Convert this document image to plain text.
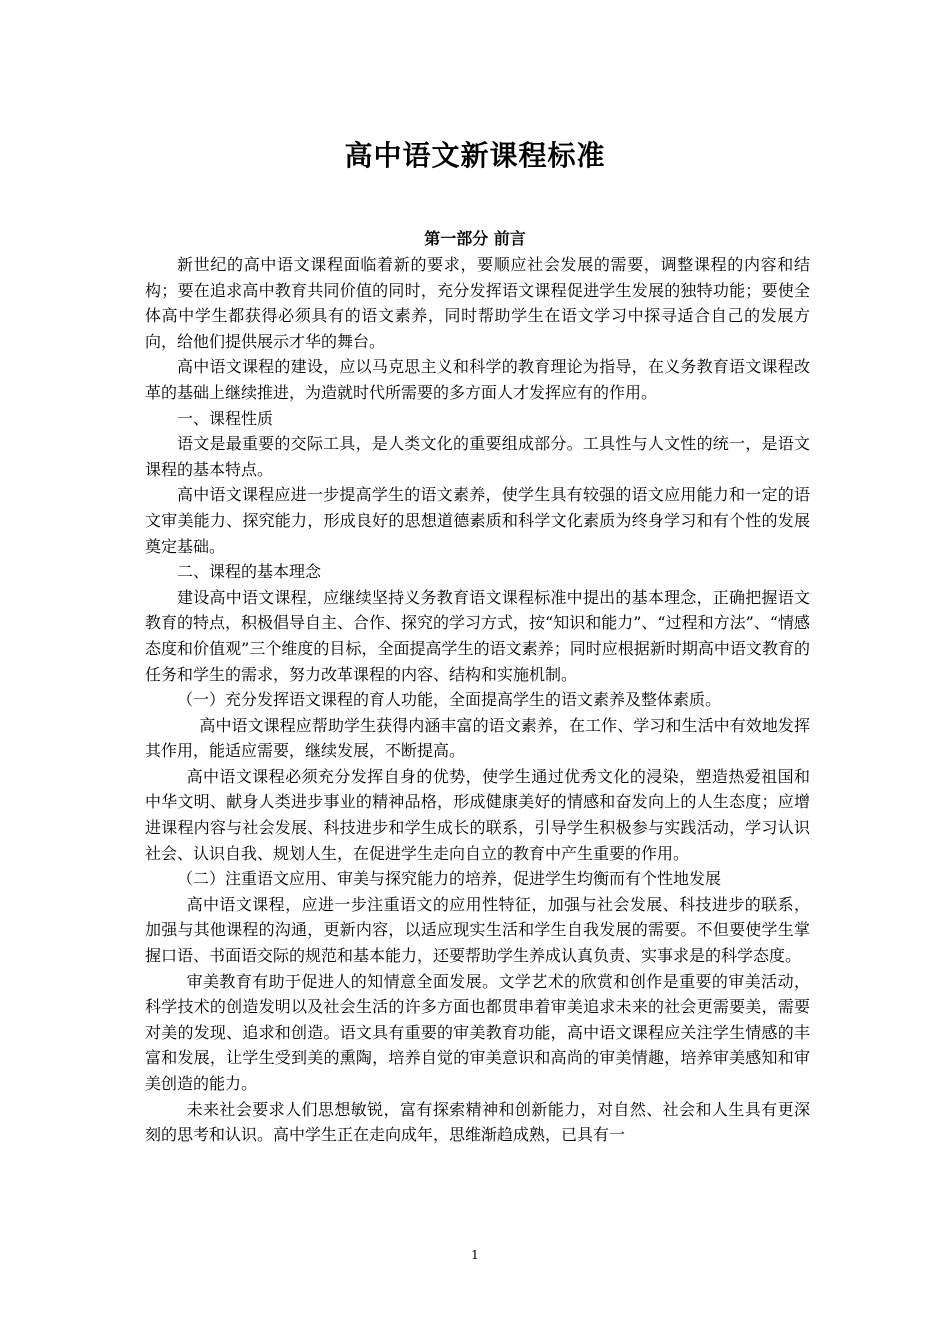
高中语文新课程标准
第一部分 前言

新世纪的高中语文课程面临着新的要求，要顺应社会发展的需要，调整课程的内容和结构；要在追求高中教育共同价值的同时，充分发挥语文课程促进学生发展的独特功能；要使全体高中学生都获得必须具有的语文素养，同时帮助学生在语文学习中探寻适合自己的发展方向，给他们提供展示才华的舞台。

高中语文课程的建设，应以马克思主义和科学的教育理论为指导，在义务教育语文课程改革的基础上继续推进，为造就时代所需要的多方面人才发挥应有的作用。

一、课程性质

语文是最重要的交际工具，是人类文化的重要组成部分。工具性与人文性的统一，是语文课程的基本特点。

高中语文课程应进一步提高学生的语文素养，使学生具有较强的语文应用能力和一定的语文审美能力、探究能力，形成良好的思想道德素质和科学文化素质为终身学习和有个性的发展奠定基础。

二、课程的基本理念

建设高中语文课程，应继续坚持义务教育语文课程标准中提出的基本理念，正确把握语文教育的特点，积极倡导自主、合作、探究的学习方式，按“知识和能力”、“过程和方法”、“情感态度和价值观”三个维度的目标，全面提高学生的语文素养；同时应根据新时期高中语文教育的任务和学生的需求，努力改革课程的内容、结构和实施机制。

（一）充分发挥语文课程的育人功能，全面提高学生的语文素养及整体素质。

高中语文课程应帮助学生获得内涵丰富的语文素养，在工作、学习和生活中有效地发挥其作用，能适应需要，继续发展，不断提高。

高中语文课程必须充分发挥自身的优势，使学生通过优秀文化的浸染，塑造热爱祖国和中华文明、献身人类进步事业的精神品格，形成健康美好的情感和奋发向上的人生态度；应增进课程内容与社会发展、科技进步和学生成长的联系，引导学生积极参与实践活动，学习认识社会、认识自我、规划人生，在促进学生走向自立的教育中产生重要的作用。

（二）注重语文应用、审美与探究能力的培养，促进学生均衡而有个性地发展

高中语文课程，应进一步注重语文的应用性特征，加强与社会发展、科技进步的联系，加强与其他课程的沟通，更新内容，以适应现实生活和学生自我发展的需要。不但要使学生掌握口语、书面语交际的规范和基本能力，还要帮助学生养成认真负责、实事求是的科学态度。

审美教育有助于促进人的知情意全面发展。文学艺术的欣赏和创作是重要的审美活动，科学技术的创造发明以及社会生活的许多方面也都贯串着审美追求未来的社会更需要美，需要对美的发现、追求和创造。语文具有重要的审美教育功能，高中语文课程应关注学生情感的丰富和发展，让学生受到美的熏陶，培养自觉的审美意识和高尚的审美情趣，培养审美感知和审美创造的能力。

未来社会要求人们思想敏锐，富有探索精神和创新能力，对自然、社会和人生具有更深刻的思考和认识。高中学生正在走向成年，思维渐趋成熟，已具有一

1
